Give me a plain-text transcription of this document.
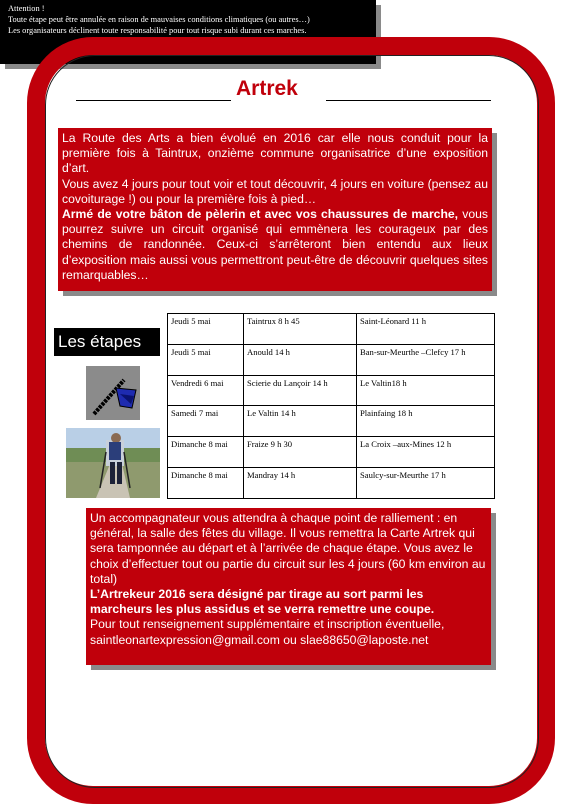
Artrek

La Route des Arts a bien évolué en 2016 car elle nous conduit pour la première fois à Taintrux, onzième commune organisatrice d’une exposition d’art.

Vous avez 4 jours pour tout voir et tout découvrir, 4 jours en voiture (pensez au covoiturage !) ou pour la première fois à pied…

Armé de votre bâton de pèlerin et avec vos chaussures de marche, vous pourrez suivre un circuit organisé qui emmènera les courageux par des chemins de randonnée. Ceux-ci s’arrêteront bien entendu aux lieux d’exposition mais aussi vous permettront peut-être de découvrir quelques sites remarquables…

Les étapes
Jeudi 5 mai	Taintrux 8 h 45	Saint-Léonard 11 h
Jeudi 5 mai	Anould 14 h	Ban-sur-Meurthe –Clefcy 17 h
Vendredi 6 mai	Scierie du Lançoir 14 h	Le Valtin18 h
Samedi 7 mai	Le Valtin 14 h	Plainfaing 18 h
Dimanche 8 mai	Fraize 9 h 30	La Croix –aux-Mines 12 h
Dimanche 8 mai	Mandray 14 h	Saulcy-sur-Meurthe 17 h

Un accompagnateur vous attendra à chaque point de ralliement : en général, la salle des fêtes du village. Il vous remettra la Carte Artrek qui sera tamponnée au départ et à l’arrivée de chaque étape. Vous avez le choix d’effectuer tout ou partie du circuit sur les 4 jours (60 km environ au total)

L’Artrekeur 2016 sera désigné par tirage au sort parmi les marcheurs les plus assidus et se verra remettre une coupe.

Pour tout renseignement supplémentaire et inscription éventuelle,

saintleonartexpression@gmail.com ou slae88650@laposte.net

Attention !
Toute étape peut être annulée en raison de mauvaises conditions climatiques (ou autres…)
Les organisateurs déclinent toute responsabilité pour tout risque subi durant ces marches.
